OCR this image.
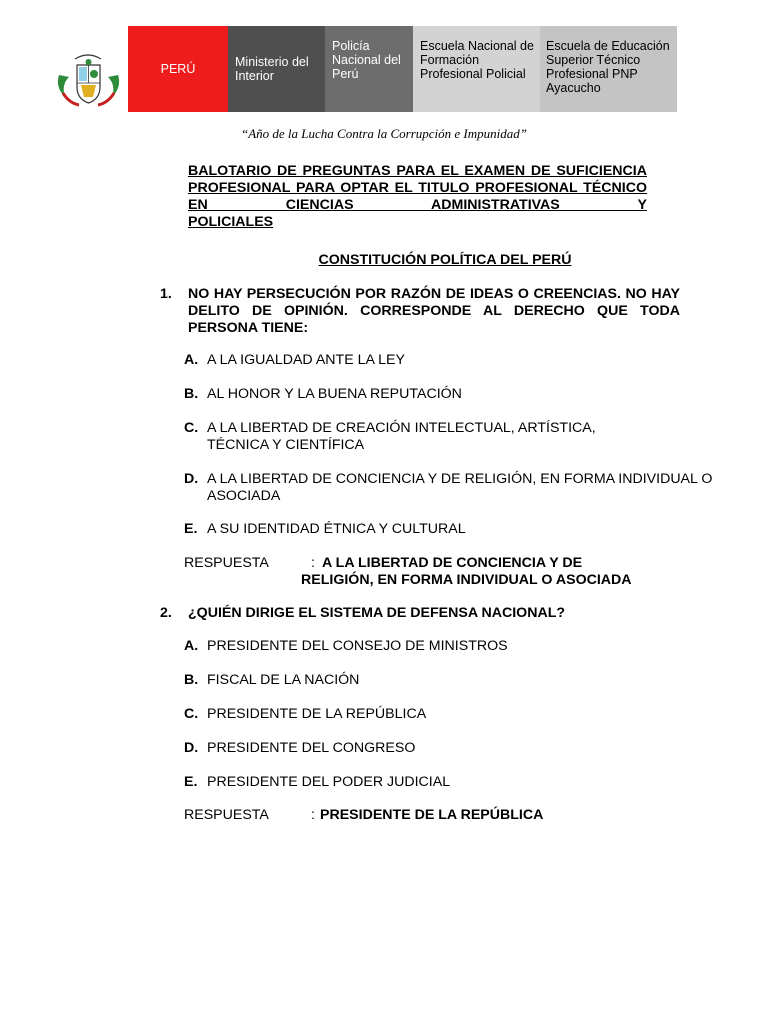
PERÚ	Ministerio del Interior
Policía Nacional del Perú
Escuela Nacional de Formación Profesional Policial
Escuela de Educación Superior Técnico Profesional PNP Ayacucho
“Año de la Lucha Contra la Corrupción e Impunidad”
BALOTARIO DE PREGUNTAS PARA EL EXAMEN DE SUFICIENCIA PROFESIONAL PARA OPTAR EL TITULO PROFESIONAL TÉCNICO EN CIENCIAS ADMINISTRATIVAS Y
POLICIALES
CONSTITUCIÓN POLÍTICA DEL PERÚ
1. NO HAY PERSECUCIÓN POR RAZÓN DE IDEAS O CREENCIAS. NO HAY DELITO DE OPINIÓN. CORRESPONDE AL DERECHO QUE TODA PERSONA TIENE:
A. A LA IGUALDAD ANTE LA LEY
B. AL HONOR Y LA BUENA REPUTACIÓN
C. A LA LIBERTAD DE CREACIÓN INTELECTUAL, ARTÍSTICA, TÉCNICA Y CIENTÍFICA
D. A LA LIBERTAD DE CONCIENCIA Y DE RELIGIÓN, EN FORMA INDIVIDUAL O ASOCIADA
E. A SU IDENTIDAD ÉTNICA Y CULTURAL
RESPUESTA	: A LA LIBERTAD DE CONCIENCIA Y DE
RELIGIÓN, EN FORMA INDIVIDUAL O ASOCIADA
2. ¿QUIÉN DIRIGE EL SISTEMA DE DEFENSA NACIONAL?
A. PRESIDENTE DEL CONSEJO DE MINISTROS
B. FISCAL DE LA NACIÓN
C. PRESIDENTE DE LA REPÚBLICA
D. PRESIDENTE DEL CONGRESO
E. PRESIDENTE DEL PODER JUDICIAL
RESPUESTA	: PRESIDENTE DE LA REPÚBLICA
